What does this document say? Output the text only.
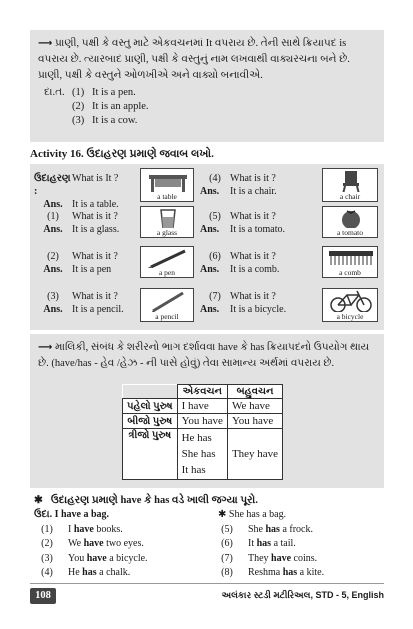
⟶ પ્રાણી, પક્ષી કે વસ્તુ માટે એકવચનમાં It વપરાય છે. તેની સાથે ક્રિયાપદ is વપરાય છે. ત્યારબાદ પ્રાણી, પક્ષી કે વસ્તુનું નામ લખવાથી વાક્યરચના બને છે. પ્રાણી, પક્ષી કે વસ્તુને ઓળખીએ અને વાક્યો બનાવીએ.

દા.ત. (1) It is a pen.
(2) It is an apple.
(3) It is a cow.
Activity 16. ઉદાહરણ પ્રમાણે જવાબ લખો.
ઉદાહરણ :
What is It ?
Ans. It is a table.
a table
(1)	What is it ?
Ans. It is a glass.	a glass
(2)	What is it ?
Ans. It is a pen	a pen
(3)	What is it ?
Ans. It is a pencil.
a pencil
(4) What is it ?
Ans.	It is a chair.	a chair
(5) What is it ?
Ans.	It is a tomato.	a tomato
(6) What is it ?
Ans.	It is a comb.	a comb
(7) What is it ?
Ans.	It is a bicycle.
a bicycle

⟶ માલિકી, સંબંધ કે શરીરનો ભાગ દર્શાવવા have કે has ક્રિયાપદનો ઉપયોગ થાય છે. (have/has - હેવ /હેઝ - ની પાસે હોવું) તેવા સામાન્ય અર્થમાં વપરાય છે.

	એકવચન	બહુવચન
પહેલો પુરુષ	I have	We have
બીજો પુરુષ	You have	You have
ત્રીજો પુરુષ	He has
She has
It has	They have
✱ ઉદાહરણ પ્રમાણે have કે has વડે ખાલી જગ્યા પૂરો.
ઉદા. I have a bag.
(1)	I have books.
(2)	We have two eyes.
(3)	You have a bicycle.
(4)	He has a chalk.
✱ She has a bag.
(5)	She has a frock.
(6)	It has a tail.
(7)	They have coins.
(8)	Reshma has a kite.
108	અલંકાર સ્ટડી મટીરિઅલ, STD - 5, English
